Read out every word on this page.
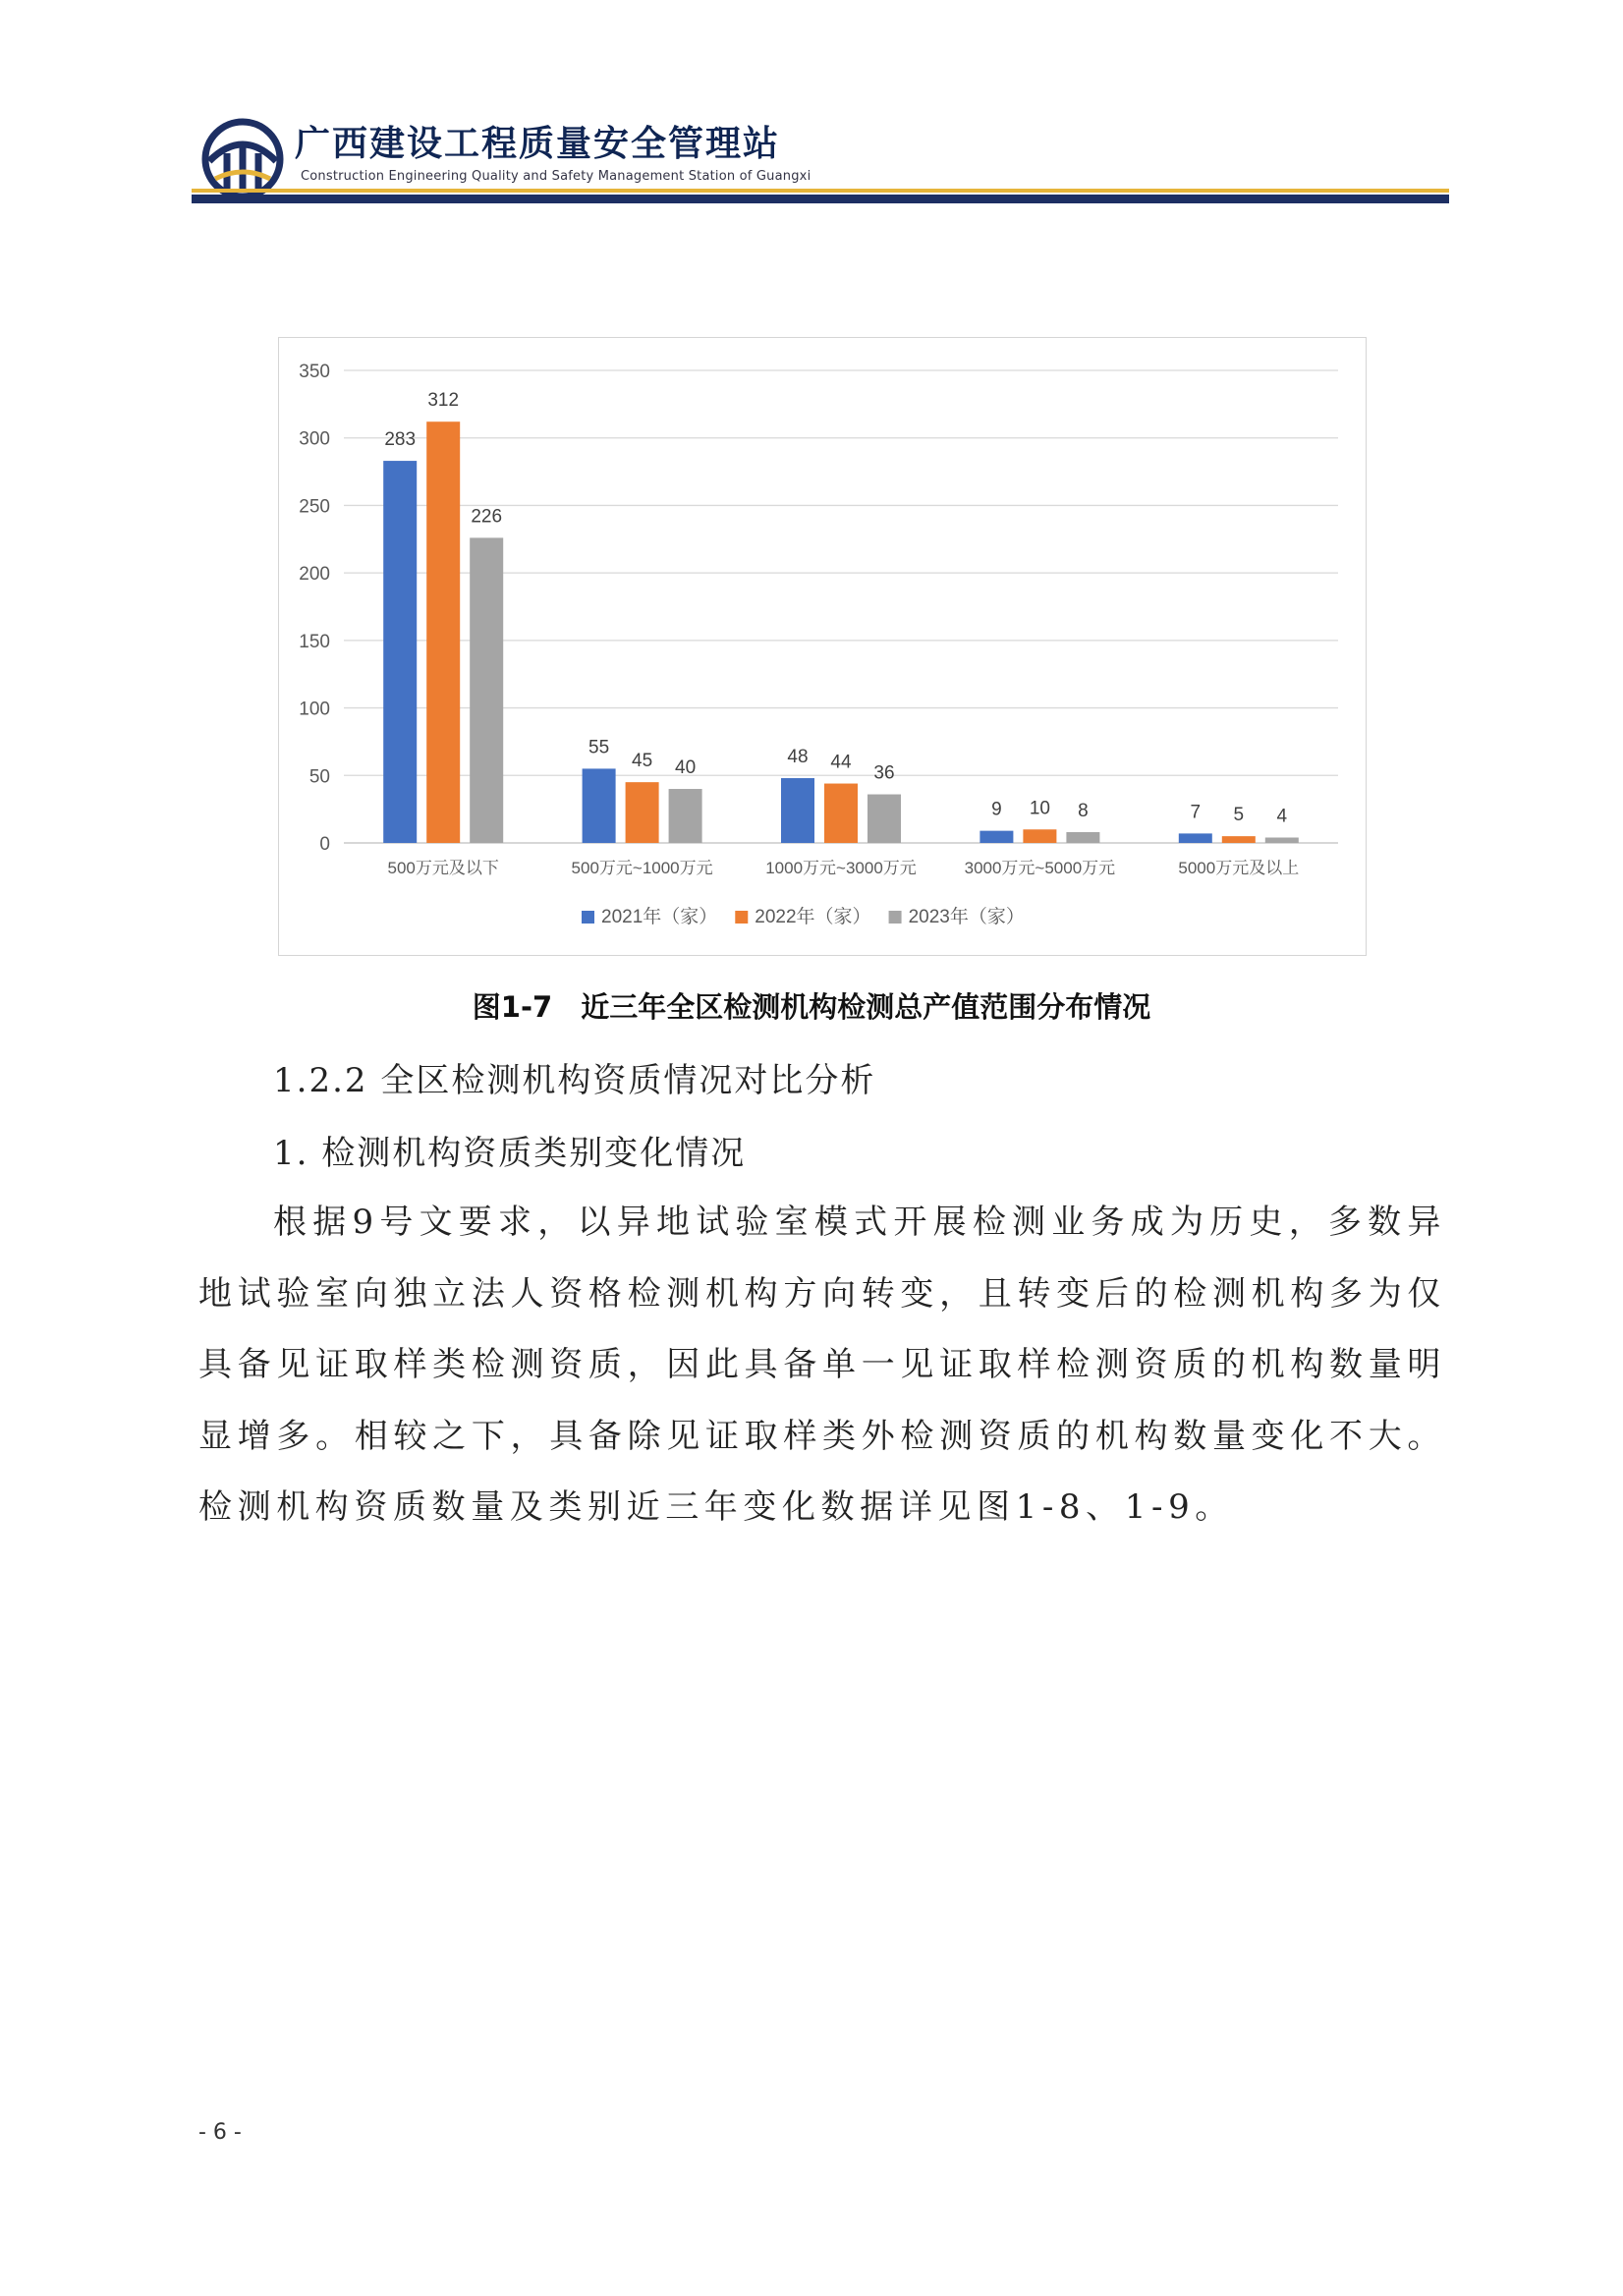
广西建设工程质量安全管理站
Construction Engineering Quality and Safety Management Station of Guangxi
0
50
100
150
200
250
300
350
283
312
226
500万元及以下
55
45 40
500万元~1000万元
48 44
36
1000万元~3000万元
9 10 8
3000万元~5000万元
7 5 4
5000万元及以上
2021年（家） 2022年（家） 2023年（家）
图1-7　近三年全区检测机构检测总产值范围分布情况
1.2.2 全区检测机构资质情况对比分析
1. 检测机构资质类别变化情况
根据9号文要求，以异地试验室模式开展检测业务成为历史，多数异地试验室向独立法人资格检测机构方向转变，且转变后的检测机构多为仅具备见证取样类检测资质，因此具备单一见证取样检测资质的机构数量明显增多。相较之下，具备除见证取样类外检测资质的机构数量变化不大。检测机构资质数量及类别近三年变化数据详见图1-8、1-9。
- 6 -
